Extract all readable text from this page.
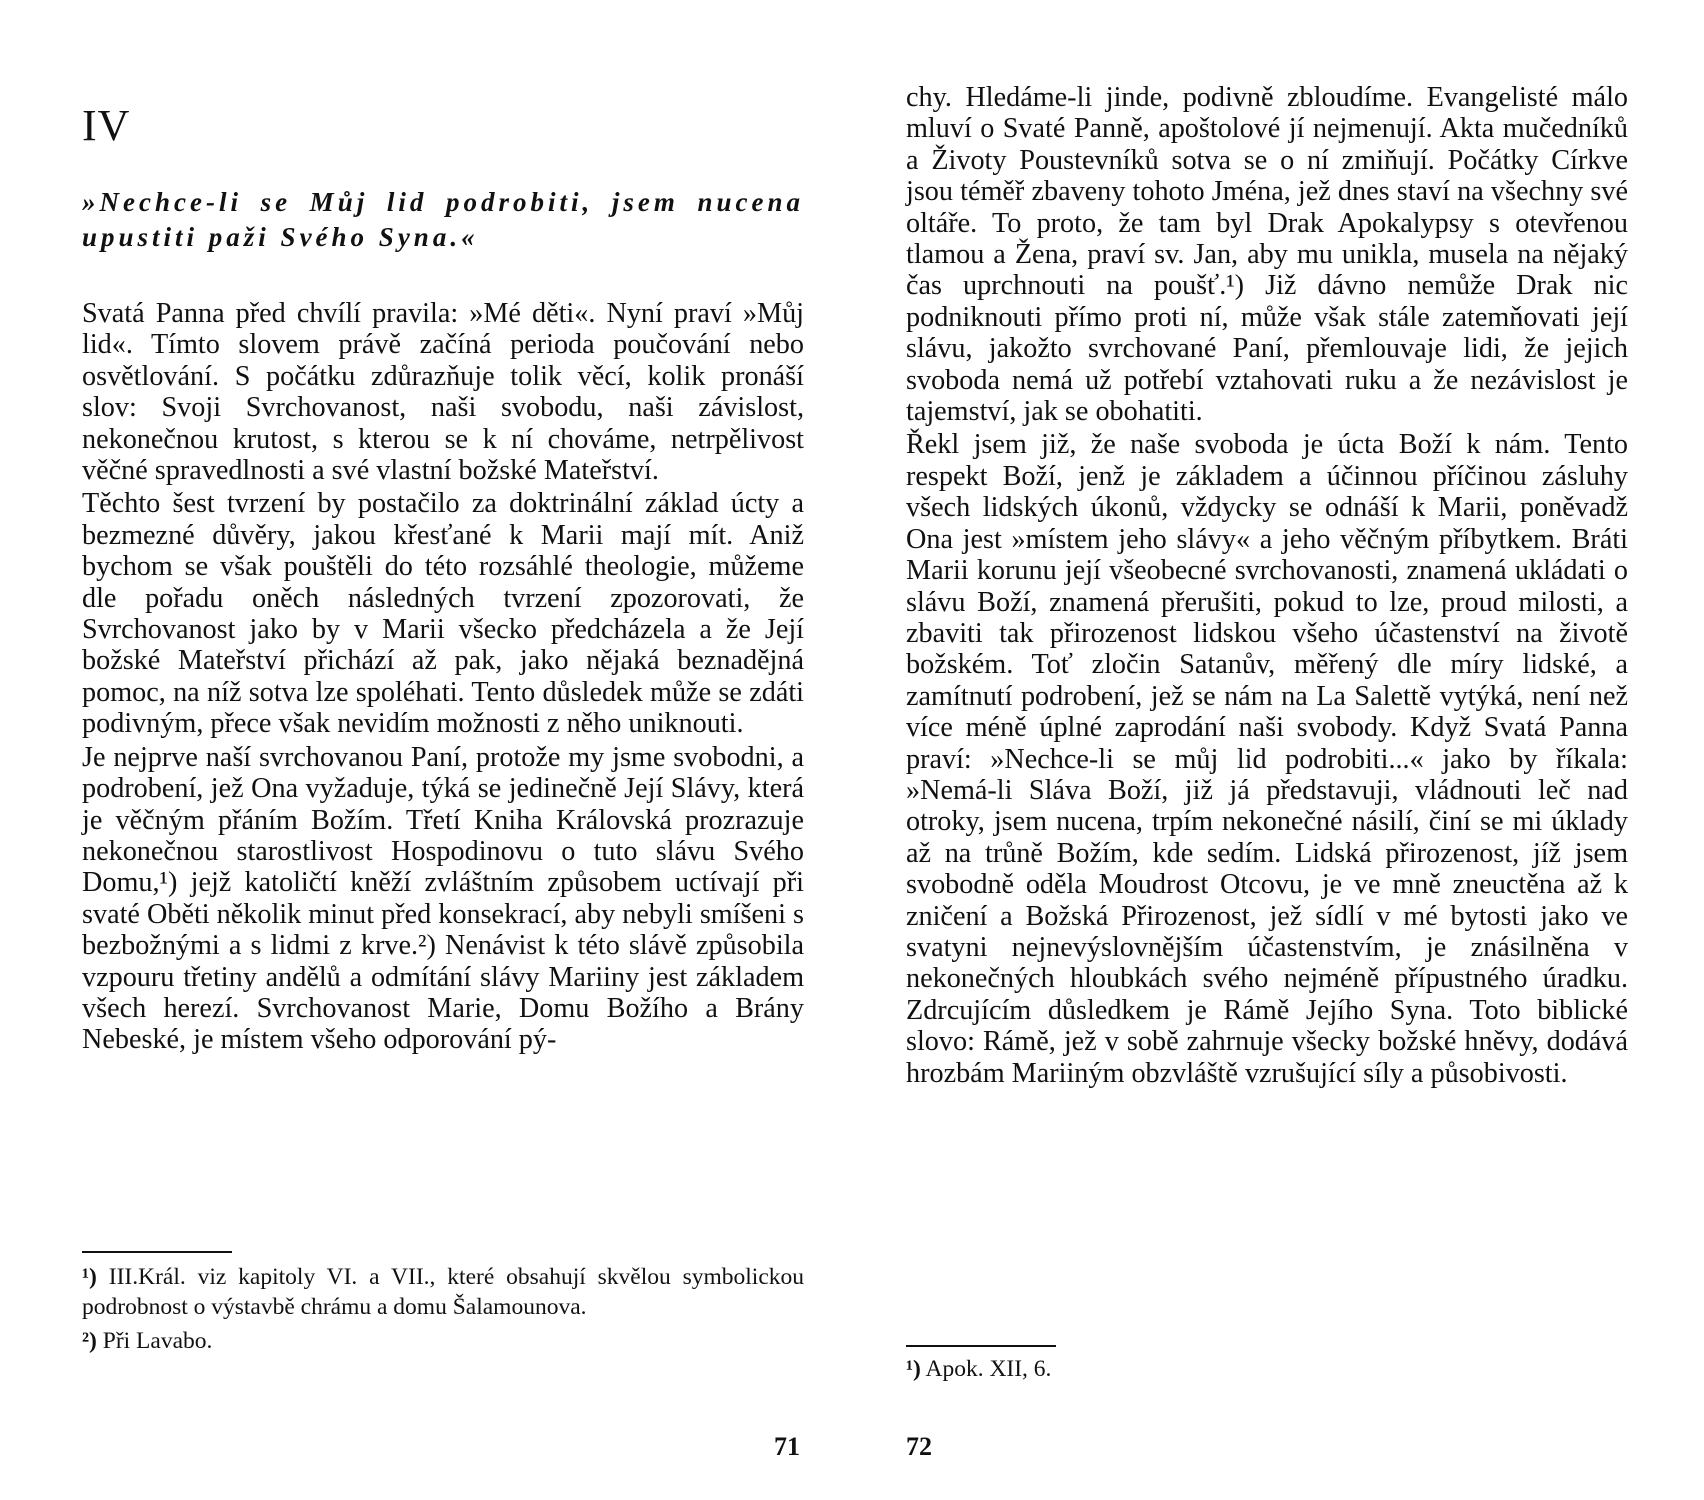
IV
»Nechce-li se Můj lid podrobiti, jsem nucena upustiti paži Svého Syna.«

Svatá Panna před chvílí pravila: »Mé děti«. Nyní praví »Můj lid«. Tímto slovem právě začíná perioda poučování nebo osvětlování. S počátku zdůrazňuje tolik věcí, kolik pronáší slov: Svoji Svrchovanost, naši svobodu, naši závislost, nekonečnou krutost, s kterou se k ní chováme, netrpělivost věčné spravedlnosti a své vlastní božské Mateřství.

Těchto šest tvrzení by postačilo za doktrinální základ úcty a bezmezné důvěry, jakou křesťané k Marii mají mít. Aniž bychom se však pouštěli do této rozsáhlé theologie, můžeme dle pořadu oněch následných tvrzení zpozorovati, že Svrchovanost jako by v Marii všecko předcházela a že Její božské Mateřství přichází až pak, jako nějaká beznadějná pomoc, na níž sotva lze spoléhati. Tento důsledek může se zdáti podivným, přece však nevidím možnosti z něho uniknouti.

Je nejprve naší svrchovanou Paní, protože my jsme svobodni, a podrobení, jež Ona vyžaduje, týká se jedinečně Její Slávy, která je věčným přáním Božím. Třetí Kniha Královská prozrazuje nekonečnou starostlivost Hospodinovu o tuto slávu Svého Domu,¹) jejž katoličtí kněží zvláštním způsobem uctívají při svaté Oběti několik minut před konsekrací, aby nebyli smíšeni s bezbožnými a s lidmi z krve.²) Nenávist k této slávě způsobila vzpouru třetiny andělů a odmítání slávy Mariiny jest základem všech herezí. Svrchovanost Marie, Domu Božího a Brány Nebeské, je místem všeho odporování pý-

¹) III.Král. viz kapitoly VI. a VII., které obsahují skvělou symbolickou podrobnost o výstavbě chrámu a domu Šalamounova.

²) Při Lavabo.

71

chy. Hledáme-li jinde, podivně zbloudíme. Evangelisté málo mluví o Svaté Panně, apoštolové jí nejmenují. Akta mučedníků a Životy Poustevníků sotva se o ní zmiňují. Počátky Církve jsou téměř zbaveny tohoto Jména, jež dnes staví na všechny své oltáře. To proto, že tam byl Drak Apokalypsy s otevřenou tlamou a Žena, praví sv. Jan, aby mu unikla, musela na nějaký čas uprchnouti na poušť.¹) Již dávno nemůže Drak nic podniknouti přímo proti ní, může však stále zatemňovati její slávu, jakožto svrchované Paní, přemlouvaje lidi, že jejich svoboda nemá už potřebí vztahovati ruku a že nezávislost je tajemství, jak se obohatiti.

Řekl jsem již, že naše svoboda je úcta Boží k nám. Tento respekt Boží, jenž je základem a účinnou příčinou zásluhy všech lidských úkonů, vždycky se odnáší k Marii, poněvadž Ona jest »místem jeho slávy« a jeho věčným příbytkem. Bráti Marii korunu její všeobecné svrchovanosti, znamená ukládati o slávu Boží, znamená přerušiti, pokud to lze, proud milosti, a zbaviti tak přirozenost lidskou všeho účastenství na životě božském. Toť zločin Satanův, měřený dle míry lidské, a zamítnutí podrobení, jež se nám na La Salettě vytýká, není než více méně úplné zaprodání naši svobody. Když Svatá Panna praví: »Nechce-li se můj lid podrobiti...« jako by říkala: »Nemá-li Sláva Boží, již já představuji, vládnouti leč nad otroky, jsem nucena, trpím nekonečné násilí, činí se mi úklady až na trůně Božím, kde sedím. Lidská přirozenost, jíž jsem svobodně oděla Moudrost Otcovu, je ve mně zneuctěna až k zničení a Božská Přirozenost, jež sídlí v mé bytosti jako ve svatyni nejnevýslovnějším účastenstvím, je znásilněna v nekonečných hloubkách svého nejméně přípustného úradku. Zdrcujícím důsledkem je Rámě Jejího Syna. Toto biblické slovo: Rámě, jež v sobě zahrnuje všecky božské hněvy, dodává hrozbám Mariiným obzvláště vzrušující síly a působivosti.

¹) Apok. XII, 6.

72
